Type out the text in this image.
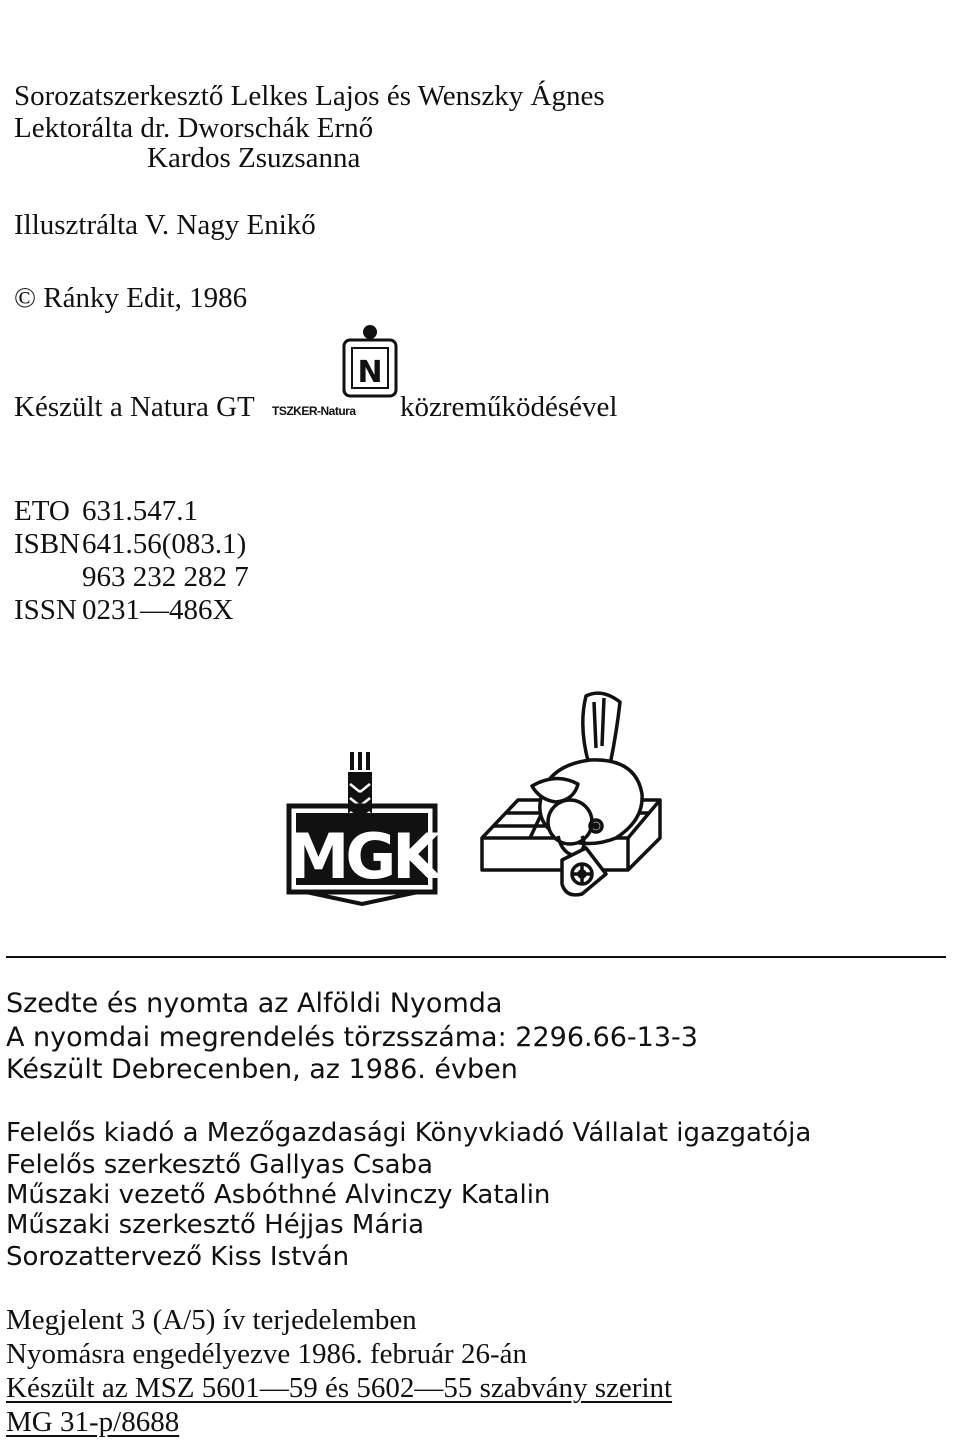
Sorozatszerkesztő Lelkes Lajos és Wenszky Ágnes
Lektorálta dr. Dworschák Ernő
Kardos Zsuzsanna
Illusztrálta V. Nagy Enikő
© Ránky Edit, 1986
N
Készült a Natura GT TSZKER-Natura közreműködésével
ETO 631.547.1
ISBN 641.56(083.1)
963 232 282 7
ISSN 0231—486X
MGK
Szedte és nyomta az Alföldi Nyomda
A nyomdai megrendelés törzsszáma: 2296.66-13-3
Készült Debrecenben, az 1986. évben
Felelős kiadó a Mezőgazdasági Könyvkiadó Vállalat igazgatója
Felelős szerkesztő Gallyas Csaba
Műszaki vezető Asbóthné Alvinczy Katalin
Műszaki szerkesztő Héjjas Mária
Sorozattervező Kiss István
Megjelent 3 (A/5) ív terjedelemben
Nyomásra engedélyezve 1986. február 26-án
Készült az MSZ 5601—59 és 5602—55 szabvány szerint
MG 31-p/8688
